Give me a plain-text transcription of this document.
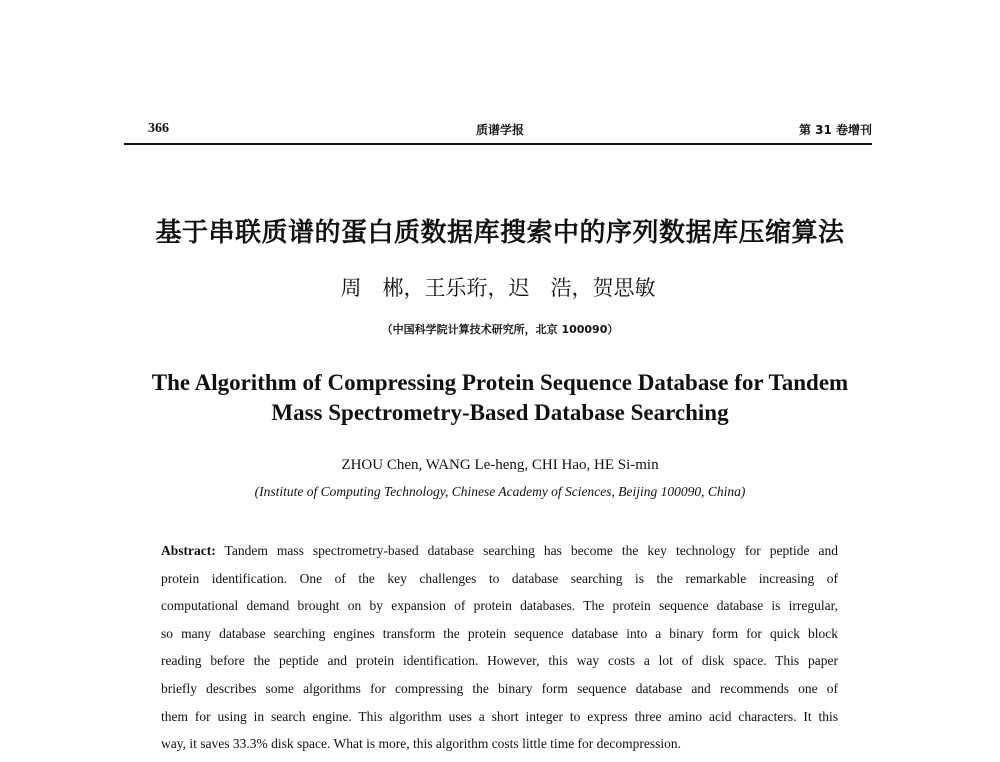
366	质谱学报	第 31 卷增刊
基于串联质谱的蛋白质数据库搜索中的序列数据库压缩算法
周　郴，王乐珩，迟　浩，贺思敏
（中国科学院计算技术研究所，北京 100090）
The Algorithm of Compressing Protein Sequence Database for Tandem
Mass Spectrometry-Based Database Searching
ZHOU Chen, WANG Le-heng, CHI Hao, HE Si-min
(Institute of Computing Technology, Chinese Academy of Sciences, Beijing 100090, China)
Abstract: Tandem mass spectrometry-based database searching has become the key technology for peptide and
protein identification. One of the key challenges to database searching is the remarkable increasing of
computational demand brought on by expansion of protein databases. The protein sequence database is irregular,
so many database searching engines transform the protein sequence database into a binary form for quick block
reading before the peptide and protein identification. However, this way costs a lot of disk space. This paper
briefly describes some algorithms for compressing the binary form sequence database and recommends one of
them for using in search engine. This algorithm uses a short integer to express three amino acid characters. It this
way, it saves 33.3% disk space. What is more, this algorithm costs little time for decompression.
